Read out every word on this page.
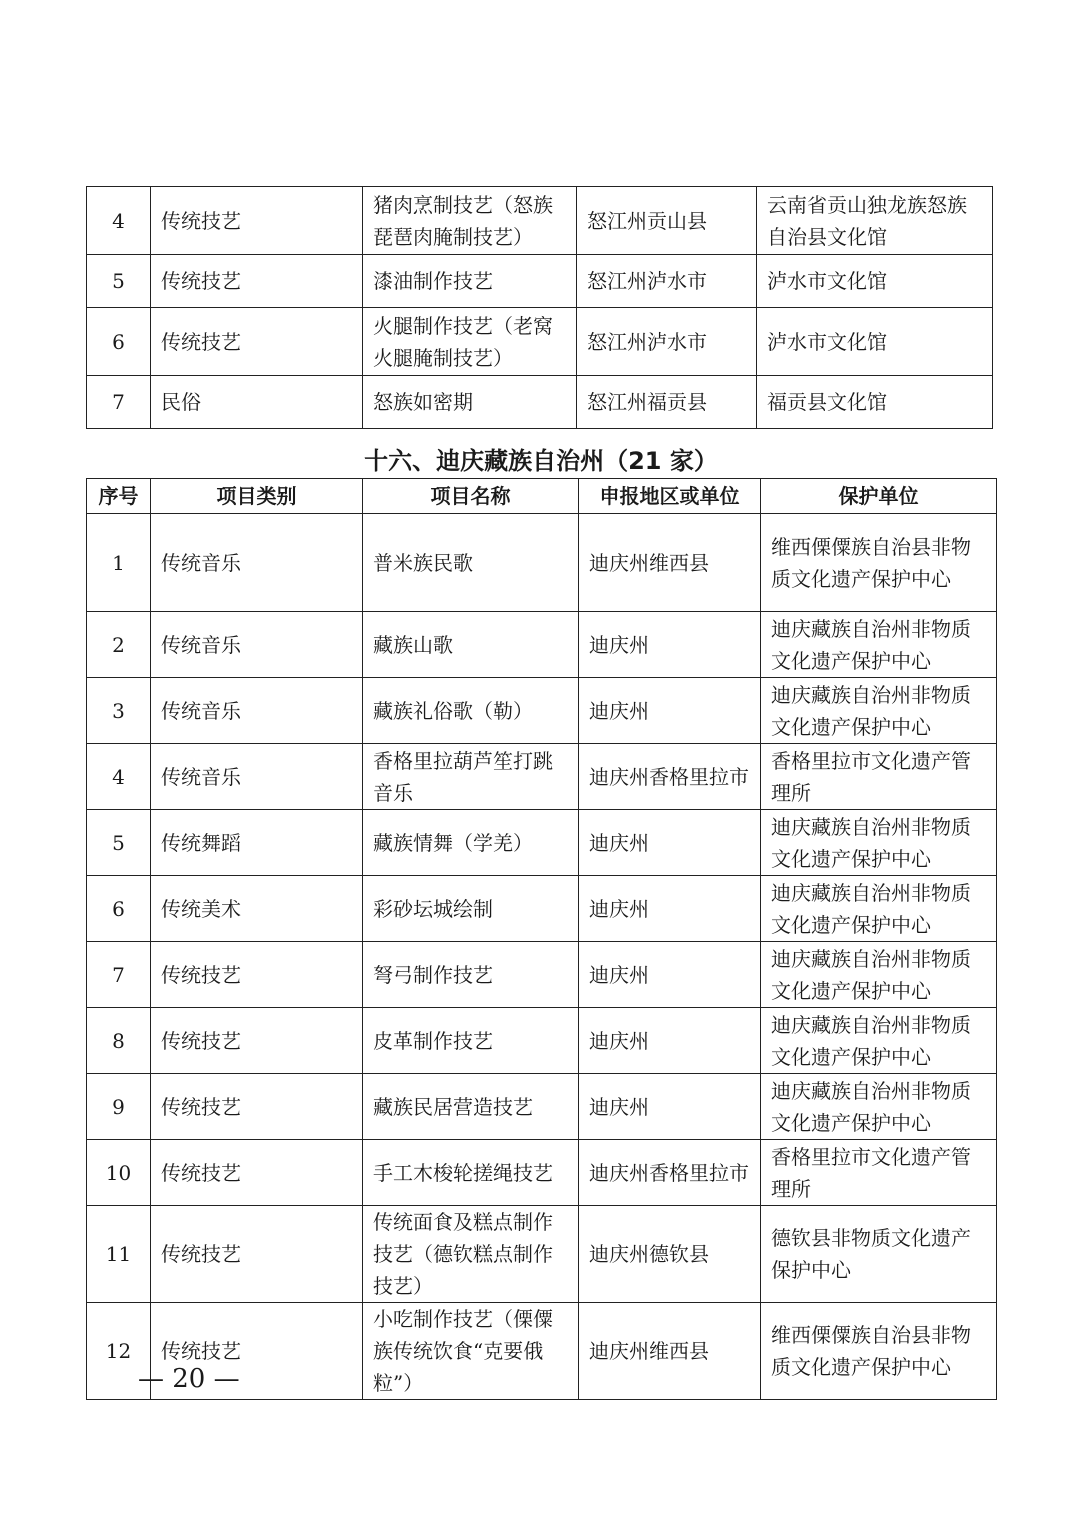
4	传统技艺	猪肉烹制技艺（怒族琵琶肉腌制技艺）	怒江州贡山县	云南省贡山独龙族怒族自治县文化馆
5	传统技艺	漆油制作技艺	怒江州泸水市	泸水市文化馆
6	传统技艺	火腿制作技艺（老窝火腿腌制技艺）	怒江州泸水市	泸水市文化馆
7	民俗	怒族如密期	怒江州福贡县	福贡县文化馆
十六、迪庆藏族自治州（21 家）
序号	项目类别	项目名称	申报地区或单位	保护单位
1	传统音乐	普米族民歌	迪庆州维西县	维西傈僳族自治县非物质文化遗产保护中心
2	传统音乐	藏族山歌	迪庆州	迪庆藏族自治州非物质文化遗产保护中心
3	传统音乐	藏族礼俗歌（勒）	迪庆州	迪庆藏族自治州非物质文化遗产保护中心
4	传统音乐	香格里拉葫芦笙打跳音乐	迪庆州香格里拉市	香格里拉市文化遗产管理所
5	传统舞蹈	藏族情舞（学羌）	迪庆州	迪庆藏族自治州非物质文化遗产保护中心
6	传统美术	彩砂坛城绘制	迪庆州	迪庆藏族自治州非物质文化遗产保护中心
7	传统技艺	弩弓制作技艺	迪庆州	迪庆藏族自治州非物质文化遗产保护中心
8	传统技艺	皮革制作技艺	迪庆州	迪庆藏族自治州非物质文化遗产保护中心
9	传统技艺	藏族民居营造技艺	迪庆州	迪庆藏族自治州非物质文化遗产保护中心
10	传统技艺	手工木梭轮搓绳技艺	迪庆州香格里拉市	香格里拉市文化遗产管理所
11	传统技艺	传统面食及糕点制作技艺（德钦糕点制作技艺）	迪庆州德钦县	德钦县非物质文化遗产保护中心
12	传统技艺	小吃制作技艺（傈僳族传统饮食“克要俄粒”）	迪庆州维西县	维西傈僳族自治县非物质文化遗产保护中心
— 20 —
